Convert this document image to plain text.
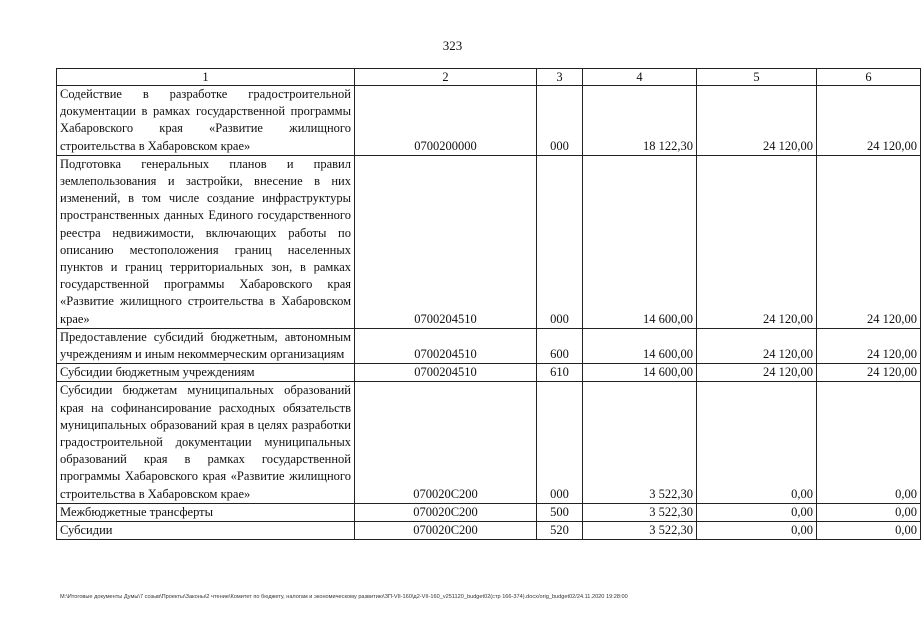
323
1	2	3	4	5	6
Содействие в разработке градостроительной документации в рамках государственной программы Хабаровского края «Развитие жилищного строительства в Хабаровском крае»	0700200000	000	18 122,30	24 120,00	24 120,00
Подготовка генеральных планов и правил землепользования и застройки, внесение в них изменений, в том числе создание инфраструктуры пространственных данных Единого государственного реестра недвижимости, включающих работы по описанию местоположения границ населенных пунктов и границ территориальных зон, в рамках государственной программы Хабаровского края «Развитие жилищного строительства в Хабаровском крае»	0700204510	000	14 600,00	24 120,00	24 120,00
Предоставление субсидий бюджетным, автономным учреждениям и иным некоммерческим организациям	0700204510	600	14 600,00	24 120,00	24 120,00
Субсидии бюджетным учреждениям	0700204510	610	14 600,00	24 120,00	24 120,00
Субсидии бюджетам муниципальных образований края на софинансирование расходных обязательств муниципальных образований края в целях разработки градостроительной документации муниципальных образований края в рамках государственной программы Хабаровского края «Развитие жилищного строительства в Хабаровском крае»	070020С200	000	3 522,30	0,00	0,00
Межбюджетные трансферты	070020С200	500	3 522,30	0,00	0,00
Субсидии	070020С200	520	3 522,30	0,00	0,00
M:\Итоговые документы Думы\7 созыв\Проекты\Законы\2 чтение\Комитет по бюджету, налогам и экономическому развитию\ЗП-VII-160\д2-VII-160_v251120_budget02(стр 166-374).docx/orig_budget02/24.11.2020 19:28:00
